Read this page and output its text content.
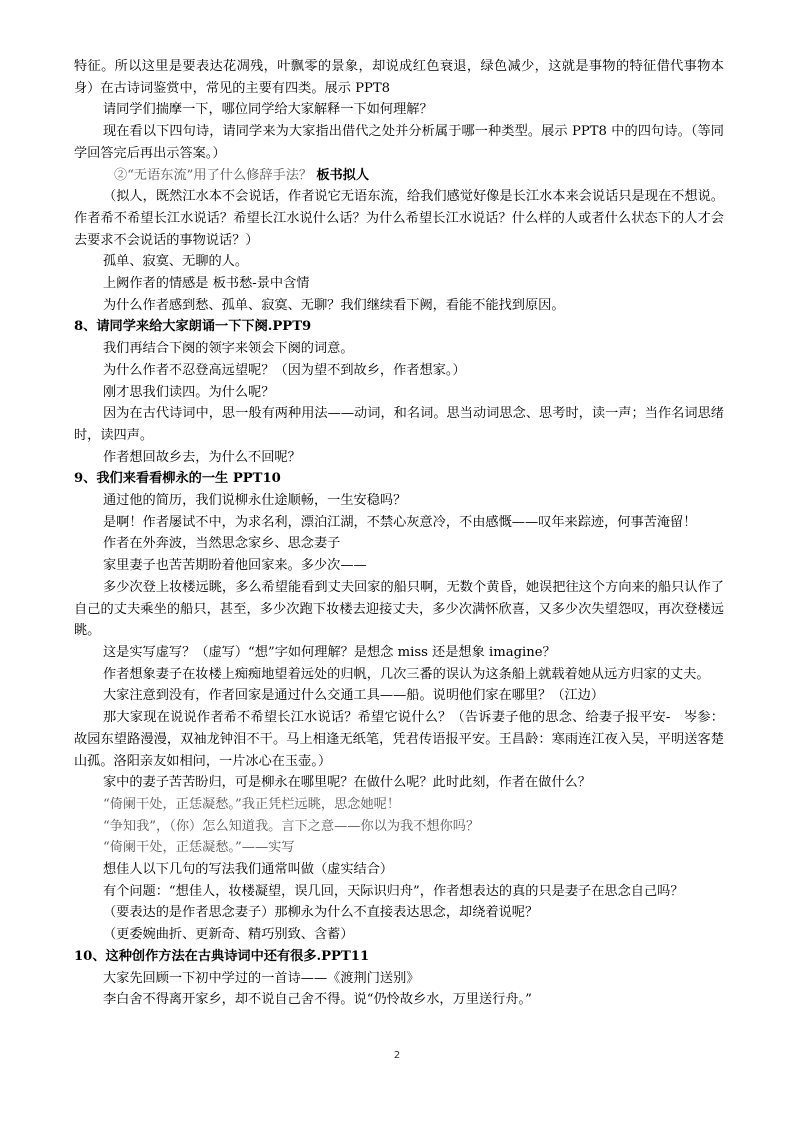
特征。所以这里是要表达花凋残，叶飘零的景象，却说成红色衰退，绿色减少，这就是事物的特征借代事物本身）在古诗词鉴赏中，常见的主要有四类。展示 PPT8

请同学们揣摩一下，哪位同学给大家解释一下如何理解？

现在看以下四句诗，请同学来为大家指出借代之处并分析属于哪一种类型。展示 PPT8 中的四句诗。（等同学回答完后再出示答案。）

②“无语东流”用了什么修辞手法？ 板书拟人

（拟人，既然江水本不会说话，作者说它无语东流，给我们感觉好像是长江水本来会说话只是现在不想说。作者希不希望长江水说话？希望长江水说什么话？为什么希望长江水说话？什么样的人或者什么状态下的人才会去要求不会说话的事物说话？）

孤单、寂寞、无聊的人。

上阙作者的情感是 板书愁-景中含情

为什么作者感到愁、孤单、寂寞、无聊？我们继续看下阙，看能不能找到原因。

8、请同学来给大家朗诵一下下阕.PPT9

我们再结合下阕的领字来领会下阕的词意。

为什么作者不忍登高远望呢？（因为望不到故乡，作者想家。）

刚才思我们读四。为什么呢？

因为在古代诗词中，思一般有两种用法——动词，和名词。思当动词思念、思考时，读一声；当作名词思绪时，读四声。

作者想回故乡去，为什么不回呢？

9、我们来看看柳永的一生 PPT10

通过他的简历，我们说柳永仕途顺畅，一生安稳吗？

是啊！作者屡试不中，为求名利，漂泊江湖，不禁心灰意冷，不由感慨——叹年来踪迹，何事苦淹留！

作者在外奔波，当然思念家乡、思念妻子

家里妻子也苦苦期盼着他回家来。多少次——

多少次登上妆楼远眺，多么希望能看到丈夫回家的船只啊，无数个黄昏，她误把往这个方向来的船只认作了自己的丈夫乘坐的船只，甚至，多少次跑下妆楼去迎接丈夫，多少次满怀欣喜，又多少次失望怨叹，再次登楼远眺。

这是实写虚写？（虚写）“想”字如何理解？是想念 miss 还是想象 imagine？

作者想象妻子在妆楼上痴痴地望着远处的归帆，几次三番的误认为这条船上就载着她从远方归家的丈夫。

大家注意到没有，作者回家是通过什么交通工具——船。说明他们家在哪里？（江边）

那大家现在说说作者希不希望长江水说话？希望它说什么？（告诉妻子他的思念、给妻子报平安-　岑参：故园东望路漫漫，双袖龙钟泪不干。马上相逢无纸笔，凭君传语报平安。王昌龄：寒雨连江夜入吴，平明送客楚山孤。洛阳亲友如相问，一片冰心在玉壶。）

家中的妻子苦苦盼归，可是柳永在哪里呢？在做什么呢？此时此刻，作者在做什么？

“倚阑干处，正恁凝愁。”我正凭栏远眺，思念她呢！

“争知我”，（你）怎么知道我。言下之意——你以为我不想你吗？

“倚阑干处，正恁凝愁。”——实写

想佳人以下几句的写法我们通常叫做（虚实结合）

有个问题：“想佳人，妆楼凝望，误几回，天际识归舟”，作者想表达的真的只是妻子在思念自己吗？

（要表达的是作者思念妻子）那柳永为什么不直接表达思念，却绕着说呢？

（更委婉曲折、更新奇、精巧别致、含蓄）

10、这种创作方法在古典诗词中还有很多.PPT11

大家先回顾一下初中学过的一首诗——《渡荆门送别》

李白舍不得离开家乡，却不说自己舍不得。说“仍怜故乡水，万里送行舟。”

2
